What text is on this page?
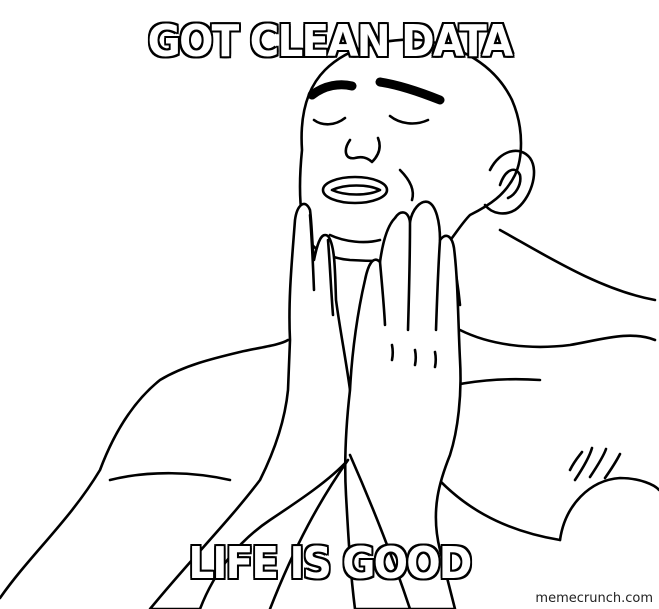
GOT CLEAN DATA
LIFE IS GOOD
memecrunch.com
